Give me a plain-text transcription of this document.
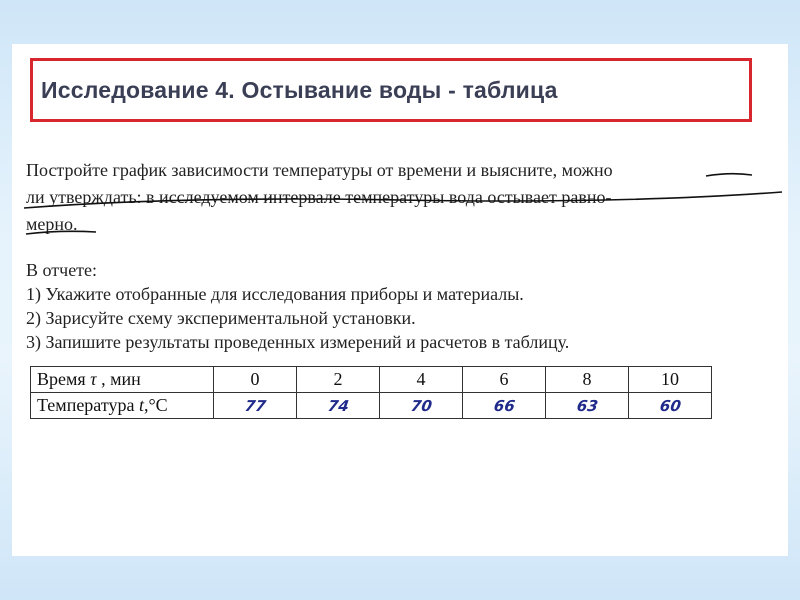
Исследование 4. Остывание воды - таблица
Постройте график зависимости температуры от времени и выясните, можно
ли утверждать: в исследуемом интервале температуры вода остывает равно-
мерно.
В отчете:
1) Укажите отобранные для исследования приборы и материалы.
2) Зарисуйте схему экспериментальной установки.
3) Запишите результаты проведенных измерений и расчетов в таблицу.
Время τ , мин	0	2	4	6	8	10
Температура t,°С	77	74	70	66	63	60
